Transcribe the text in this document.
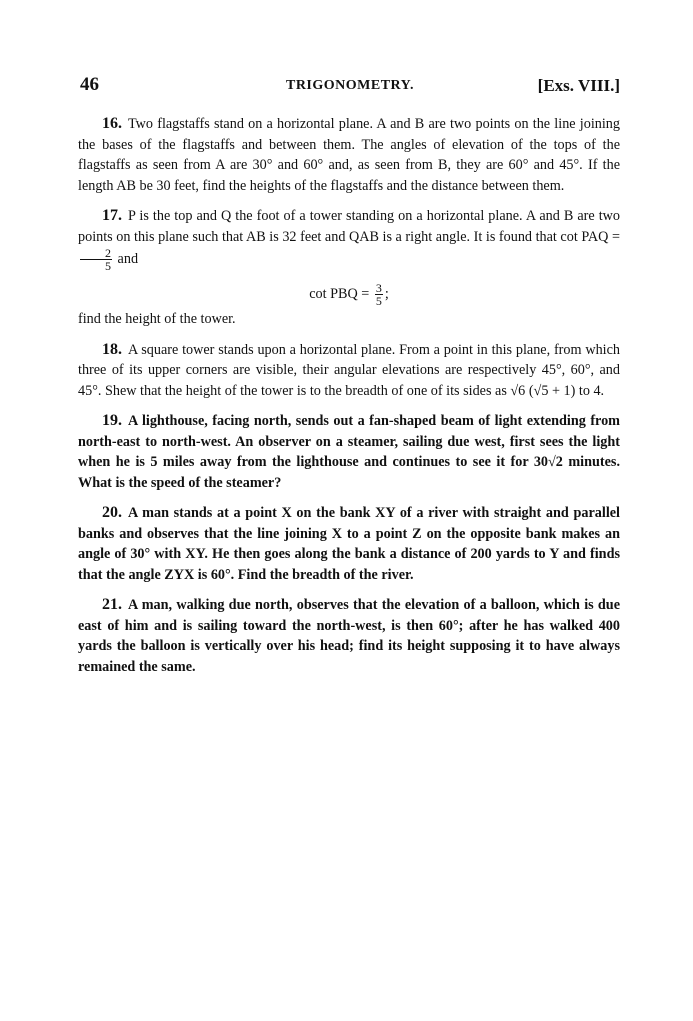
46	TRIGONOMETRY.	[Exs. VIII.]

16. Two flagstaffs stand on a horizontal plane. A and B are two points on the line joining the bases of the flagstaffs and between them. The angles of elevation of the tops of the flagstaffs as seen from A are 30° and 60° and, as seen from B, they are 60° and 45°. If the length AB be 30 feet, find the heights of the flagstaffs and the distance between them.

17. P is the top and Q the foot of a tower standing on a horizontal plane. A and B are two points on this plane such that AB is 32 feet and QAB is a right angle. It is found that cot PAQ =
$\frac{2}{5}$ and

cot PBQ = $\frac{3}{5}$ ;

find the height of the tower.

18. A square tower stands upon a horizontal plane. From a point in this plane, from which three of its upper corners are visible, their angular elevations are respectively 45°, 60°, and 45°. Shew that the height of the tower is to the breadth of one of its sides as √6 (√5 + 1) to 4.

19. A lighthouse, facing north, sends out a fan-shaped beam of light extending from north-east to north-west. An observer on a steamer, sailing due west, first sees the light when he is 5 miles away from the lighthouse and continues to see it for 30√2 minutes. What is the speed of the steamer?

20. A man stands at a point X on the bank XY of a river with straight and parallel banks and observes that the line joining X to a point Z on the opposite bank makes an angle of 30° with XY. He then goes along the bank a distance of 200 yards to Y and finds that the angle ZYX is 60°. Find the breadth of the river.

21. A man, walking due north, observes that the elevation of a balloon, which is due east of him and is sailing toward the north-west, is then 60°; after he has walked 400 yards the balloon is vertically over his head; find its height supposing it to have always remained the same.
